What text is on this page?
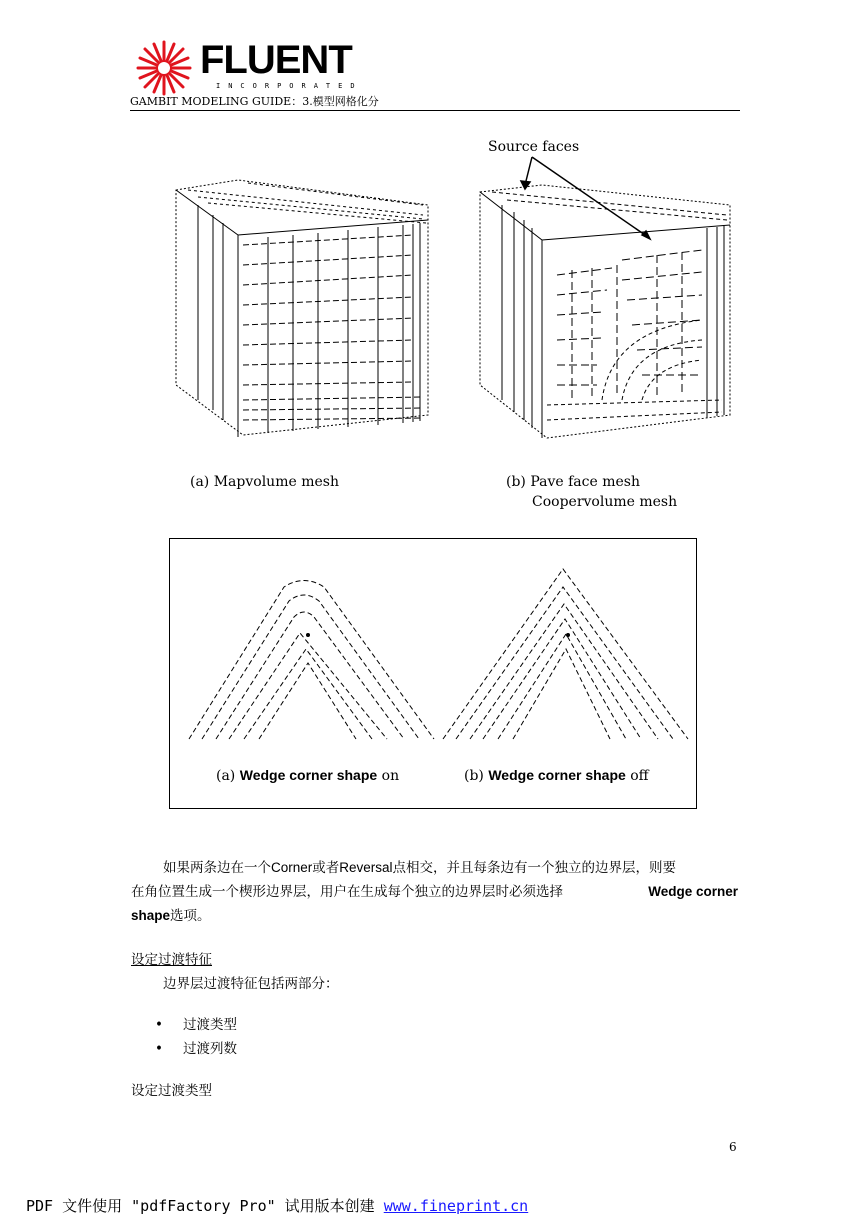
FLUENT
INCORPORATED
GAMBIT MODELING GUIDE：3.模型网格化分
Source faces
(a) Mapvolume mesh	(b) Pave face mesh
Coopervolume mesh
(a) Wedge corner shape on	(b) Wedge corner shape off
如果两条边在一个Corner或者Reversal点相交，并且每条边有一个独立的边界层，则要
在角位置生成一个楔形边界层，用户在生成每个独立的边界层时必须选择	Wedge corner
shape选项。
设定过渡特征
边界层过渡特征包括两部分：
• 过渡类型
• 过渡列数
设定过渡类型
6
PDF 文件使用 "pdfFactory Pro" 试用版本创建 www.fineprint.cn
